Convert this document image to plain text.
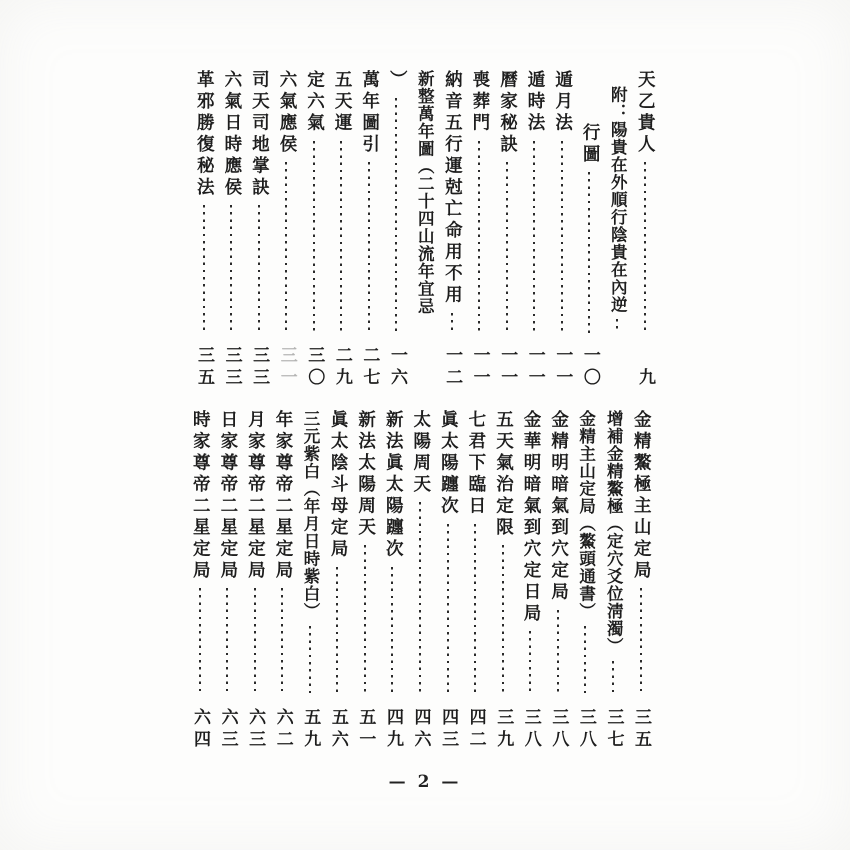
天乙貴人
九
附：陽貴在外順行陰貴在內逆
行圖
一〇
遁月法
一一
遁時法
一一
曆家秘訣
一一
喪葬門
一一
納音五行運尅亡命用不用
一二
新整萬年圖（二十四山流年宜忌
）
一六
萬年圖引
二七
五天運
二九
定六氣
三〇
六氣應侯
三一
司天司地掌訣
三三
六氣日時應侯
三三
革邪勝復秘法
三五
金精鰲極主山定局
三五
增補金精鰲極（定穴爻位淸濁）
三七
金精主山定局（鰲頭通書）
三八
金精明暗氣到穴定局
三八
金華明暗氣到穴定日局
三八
五天氣治定限
三九
七君下臨日
四二
眞太陽躔次
四三
太陽周天
四六
新法眞太陽躔次
四九
新法太陽周天
五一
眞太陰斗母定局
五六
三元紫白（年月日時紫白）
五九
年家尊帝二星定局
六二
月家尊帝二星定局
六三
日家尊帝二星定局
六三
時家尊帝二星定局
六四
— 2 —
